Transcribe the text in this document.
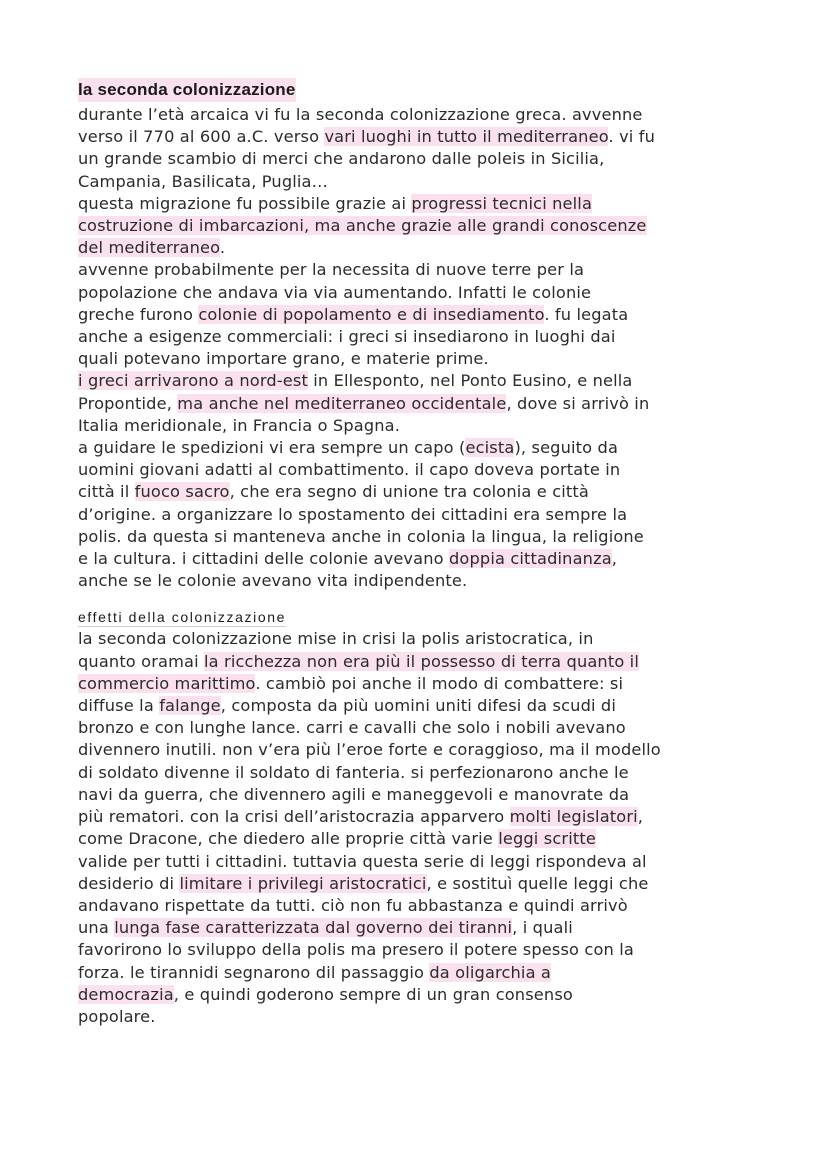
la seconda colonizzazione
durante l’età arcaica vi fu la seconda colonizzazione greca. avvenne
verso il 770 al 600 a.C. verso vari luoghi in tutto il mediterraneo. vi fu
un grande scambio di merci che andarono dalle poleis in Sicilia,
Campania, Basilicata, Puglia…
questa migrazione fu possibile grazie ai progressi tecnici nella
costruzione di imbarcazioni, ma anche grazie alle grandi conoscenze
del mediterraneo.
avvenne probabilmente per la necessita di nuove terre per la
popolazione che andava via via aumentando. Infatti le colonie
greche furono colonie di popolamento e di insediamento. fu legata
anche a esigenze commerciali: i greci si insediarono in luoghi dai
quali potevano importare grano, e materie prime.
i greci arrivarono a nord-est in Ellesponto, nel Ponto Eusino, e nella
Propontide, ma anche nel mediterraneo occidentale, dove si arrivò in
Italia meridionale, in Francia o Spagna.
a guidare le spedizioni vi era sempre un capo (ecista), seguito da
uomini giovani adatti al combattimento. il capo doveva portate in
città il fuoco sacro, che era segno di unione tra colonia e città
d’origine. a organizzare lo spostamento dei cittadini era sempre la
polis. da questa si manteneva anche in colonia la lingua, la religione
e la cultura. i cittadini delle colonie avevano doppia cittadinanza,
anche se le colonie avevano vita indipendente.
effetti della colonizzazione
la seconda colonizzazione mise in crisi la polis aristocratica, in
quanto oramai la ricchezza non era più il possesso di terra quanto il
commercio marittimo. cambiò poi anche il modo di combattere: si
diffuse la falange, composta da più uomini uniti difesi da scudi di
bronzo e con lunghe lance. carri e cavalli che solo i nobili avevano
divennero inutili. non v’era più l’eroe forte e coraggioso, ma il modello
di soldato divenne il soldato di fanteria. si perfezionarono anche le
navi da guerra, che divennero agili e maneggevoli e manovrate da
più rematori. con la crisi dell’aristocrazia apparvero molti legislatori,
come Dracone, che diedero alle proprie città varie leggi scritte
valide per tutti i cittadini. tuttavia questa serie di leggi rispondeva al
desiderio di limitare i privilegi aristocratici, e sostituì quelle leggi che
andavano rispettate da tutti. ciò non fu abbastanza e quindi arrivò
una lunga fase caratterizzata dal governo dei tiranni, i quali
favorirono lo sviluppo della polis ma presero il potere spesso con la
forza. le tirannidi segnarono dil passaggio da oligarchia a
democrazia, e quindi goderono sempre di un gran consenso
popolare.
